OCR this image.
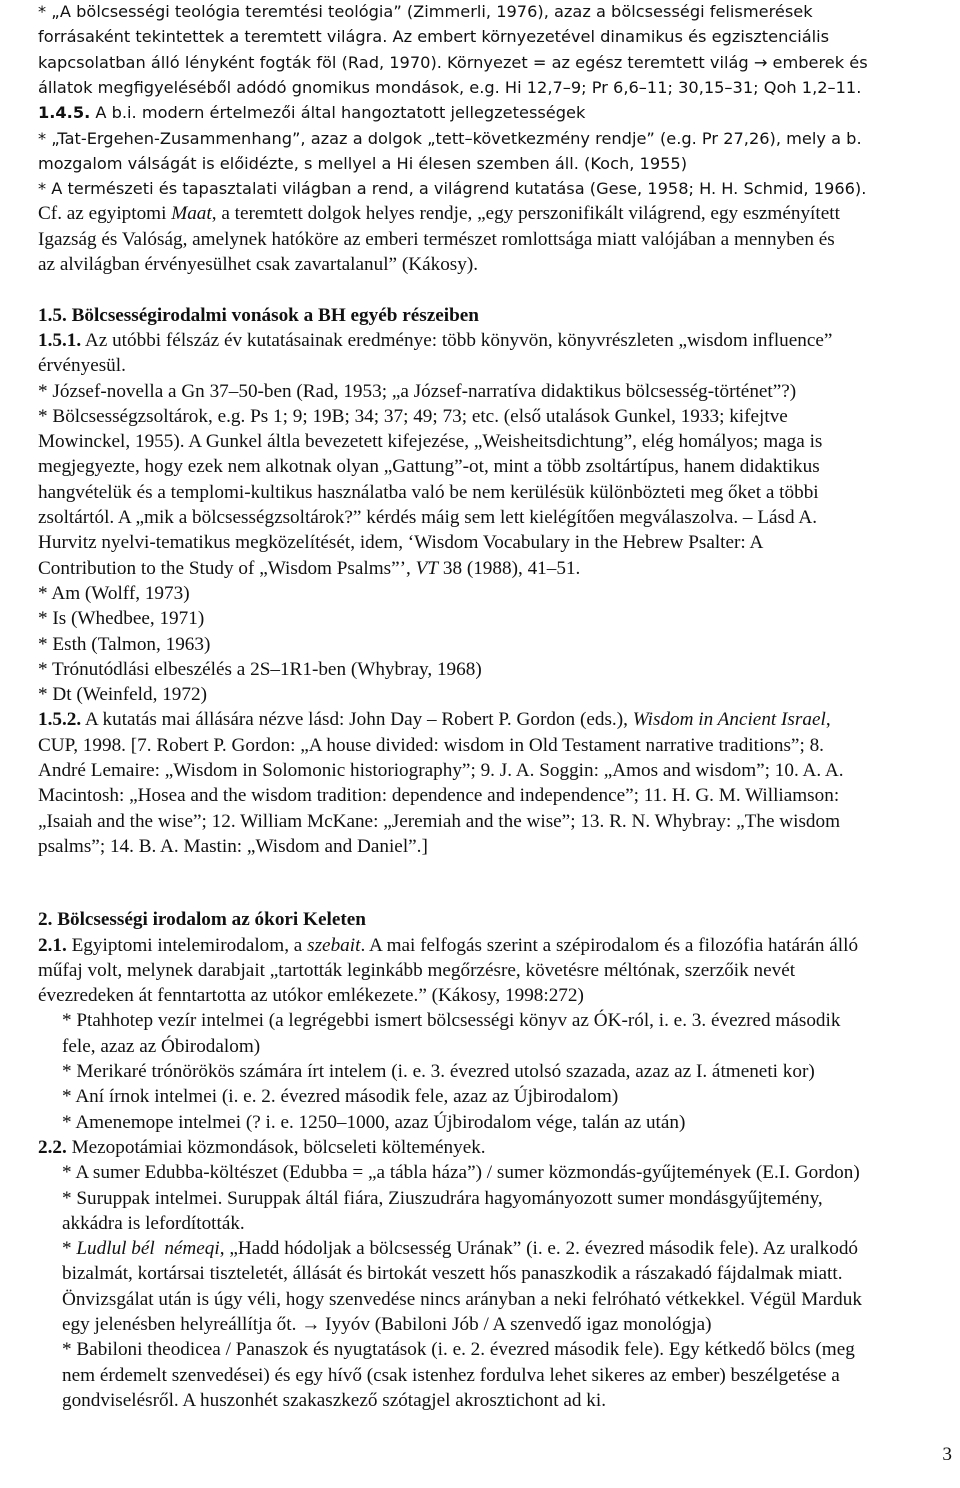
* „A bölcsességi teológia teremtési teológia” (Zimmerli, 1976), azaz a bölcsességi felismerések
forrásaként tekintettek a teremtett világra. Az embert környezetével dinamikus és egzisztenciális
kapcsolatban álló lényként fogták föl (Rad, 1970). Környezet = az egész teremtett világ → emberek és
állatok megfigyeléséből adódó gnomikus mondások, e.g. Hi 12,7–9; Pr 6,6–11; 30,15–31; Qoh 1,2–11.
1.4.5. A b.i. modern értelmezői által hangoztatott jellegzetességek
* „Tat-Ergehen-Zusammenhang”, azaz a dolgok „tett–következmény rendje” (e.g. Pr 27,26), mely a b.
mozgalom válságát is előidézte, s mellyel a Hi élesen szemben áll. (Koch, 1955)
* A természeti és tapasztalati világban a rend, a világrend kutatása (Gese, 1958; H. H. Schmid, 1966).
Cf. az egyiptomi Maat, a teremtett dolgok helyes rendje, „egy perszonifikált világrend, egy eszményített
Igazság és Valóság, amelynek hatóköre az emberi természet romlottsága miatt valójában a mennyben és
az alvilágban érvényesülhet csak zavartalanul” (Kákosy).
1.5. Bölcsességirodalmi vonások a BH egyéb részeiben
1.5.1. Az utóbbi félszáz év kutatásainak eredménye: több könyvön, könyvrészleten „wisdom influence”
érvényesül.
* József-novella a Gn 37–50-ben (Rad, 1953; „a József-narratíva didaktikus bölcsesség-történet”?)
* Bölcsességzsoltárok, e.g. Ps 1; 9; 19B; 34; 37; 49; 73; etc. (első utalások Gunkel, 1933; kifejtve
Mowinckel, 1955). A Gunkel áltla bevezetett kifejezése, „Weisheitsdichtung”, elég homályos; maga is
megjegyezte, hogy ezek nem alkotnak olyan „Gattung”-ot, mint a több zsoltártípus, hanem didaktikus
hangvételük és a templomi-kultikus használatba való be nem kerülésük különbözteti meg őket a többi
zsoltártól. A „mik a bölcsességzsoltárok?” kérdés máig sem lett kielégítően megválaszolva. – Lásd A.
Hurvitz nyelvi-tematikus megközelítését, idem, ‘Wisdom Vocabulary in the Hebrew Psalter: A
Contribution to the Study of „Wisdom Psalms”’, VT 38 (1988), 41–51.
* Am (Wolff, 1973)
* Is (Whedbee, 1971)
* Esth (Talmon, 1963)
* Trónutódlási elbeszélés a 2S–1R1-ben (Whybray, 1968)
* Dt (Weinfeld, 1972)
1.5.2. A kutatás mai állására nézve lásd: John Day – Robert P. Gordon (eds.), Wisdom in Ancient Israel,
CUP, 1998. [7. Robert P. Gordon: „A house divided: wisdom in Old Testament narrative traditions”; 8.
André Lemaire: „Wisdom in Solomonic historiography”; 9. J. A. Soggin: „Amos and wisdom”; 10. A. A.
Macintosh: „Hosea and the wisdom tradition: dependence and independence”; 11. H. G. M. Williamson:
„Isaiah and the wise”; 12. William McKane: „Jeremiah and the wise”; 13. R. N. Whybray: „The wisdom
psalms”; 14. B. A. Mastin: „Wisdom and Daniel”.]
2. Bölcsességi irodalom az ókori Keleten
2.1. Egyiptomi intelemirodalom, a szebait. A mai felfogás szerint a szépirodalom és a filozófia határán álló
műfaj volt, melynek darabjait „tartották leginkább megőrzésre, követésre méltónak, szerzőik nevét
évezredeken át fenntartotta az utókor emlékezete.” (Kákosy, 1998:272)
* Ptahhotep vezír intelmei (a legrégebbi ismert bölcsességi könyv az ÓK-ról, i. e. 3. évezred második
fele, azaz az Óbirodalom)
* Merikaré trónörökös számára írt intelem (i. e. 3. évezred utolsó szazada, azaz az I. átmeneti kor)
* Aní írnok intelmei (i. e. 2. évezred második fele, azaz az Újbirodalom)
* Amenemope intelmei (? i. e. 1250–1000, azaz Újbirodalom vége, talán az után)
2.2. Mezopotámiai közmondások, bölcseleti költemények.
* A sumer Edubba-költészet (Edubba = „a tábla háza”) / sumer közmondás-gyűjtemények (E.I. Gordon)
* Suruppak intelmei. Suruppak áltál fiára, Ziuszudrára hagyományozott sumer mondásgyűjtemény,
akkádra is lefordították.
* Ludlul bél  némeqi, „Hadd hódoljak a bölcsesség Urának” (i. e. 2. évezred második fele). Az uralkodó
bizalmát, kortársai tiszteletét, állását és birtokát veszett hős panaszkodik a rászakadó fájdalmak miatt.
Önvizsgálat után is úgy véli, hogy szenvedése nincs arányban a neki felróható vétkekkel. Végül Marduk
egy jelenésben helyreállítja őt. → Iyyóv (Babiloni Jób / A szenvedő igaz monológja)
* Babiloni theodicea / Panaszok és nyugtatások (i. e. 2. évezred második fele). Egy kétkedő bölcs (meg
nem érdemelt szenvedései) és egy hívő (csak istenhez fordulva lehet sikeres az ember) beszélgetése a
gondviselésről. A huszonhét szakaszkező szótagjel akrosztichont ad ki.
3
